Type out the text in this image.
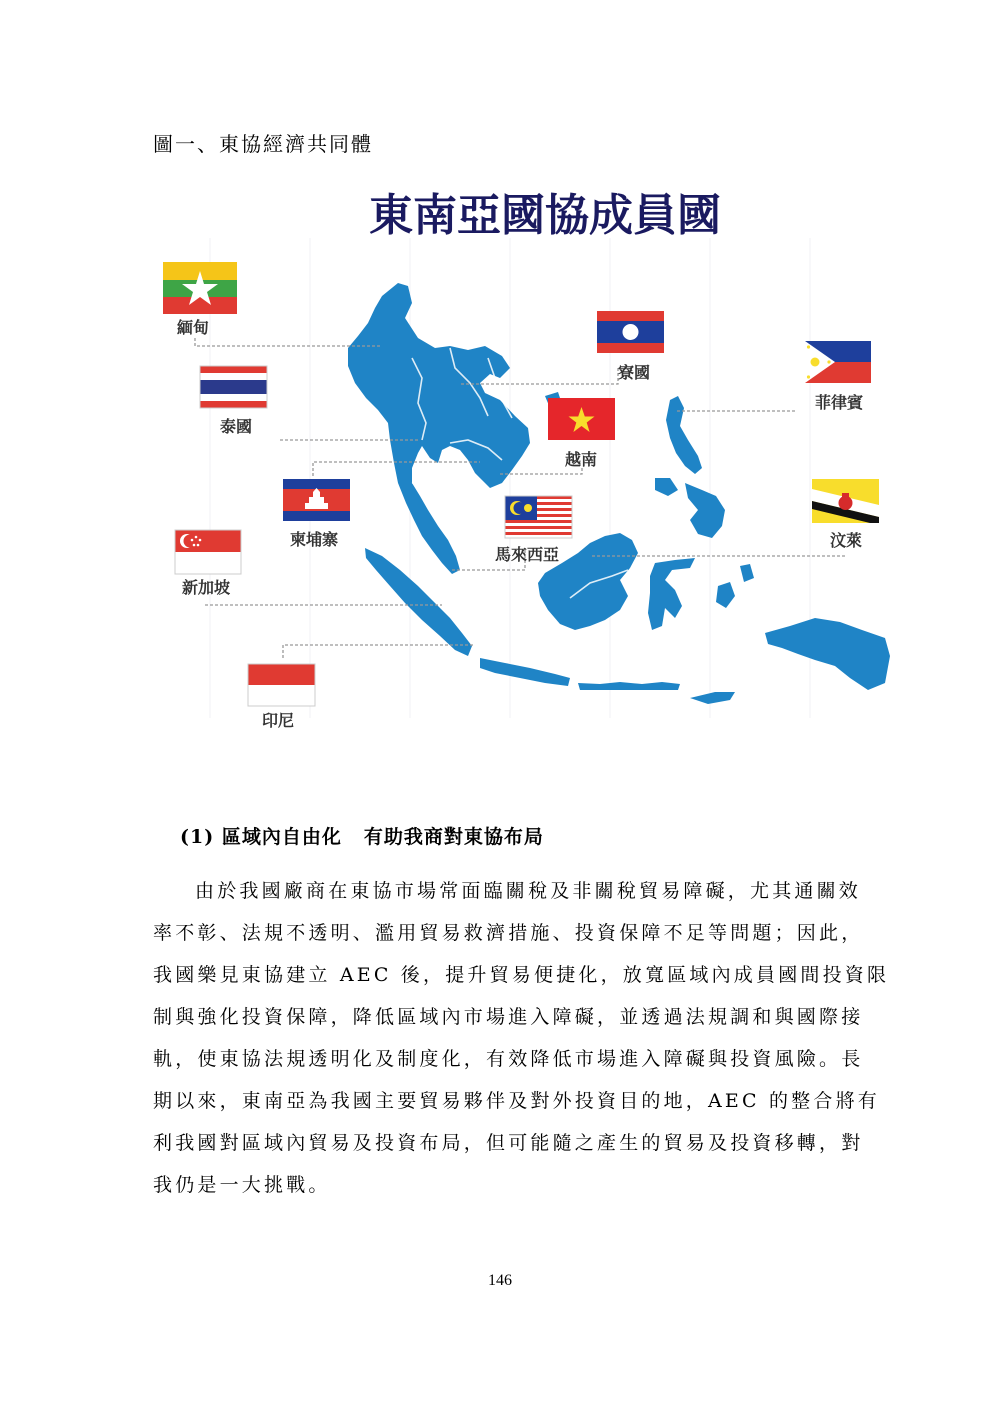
圖一、東協經濟共同體
東南亞國協成員國
緬甸
泰國
柬埔寨
新加坡
印尼
寮國
越南
馬來西亞
菲律賓
汶萊
(1) 區域內自由化 有助我商對東協布局
由於我國廠商在東協市場常面臨關稅及非關稅貿易障礙，尤其通關效
率不彰、法規不透明、濫用貿易救濟措施、投資保障不足等問題；因此，
我國樂見東協建立 AEC 後，提升貿易便捷化，放寬區域內成員國間投資限
制與強化投資保障，降低區域內市場進入障礙，並透過法規調和與國際接
軌，使東協法規透明化及制度化，有效降低市場進入障礙與投資風險。長
期以來，東南亞為我國主要貿易夥伴及對外投資目的地，AEC 的整合將有
利我國對區域內貿易及投資布局，但可能隨之產生的貿易及投資移轉，對
我仍是一大挑戰。
146
